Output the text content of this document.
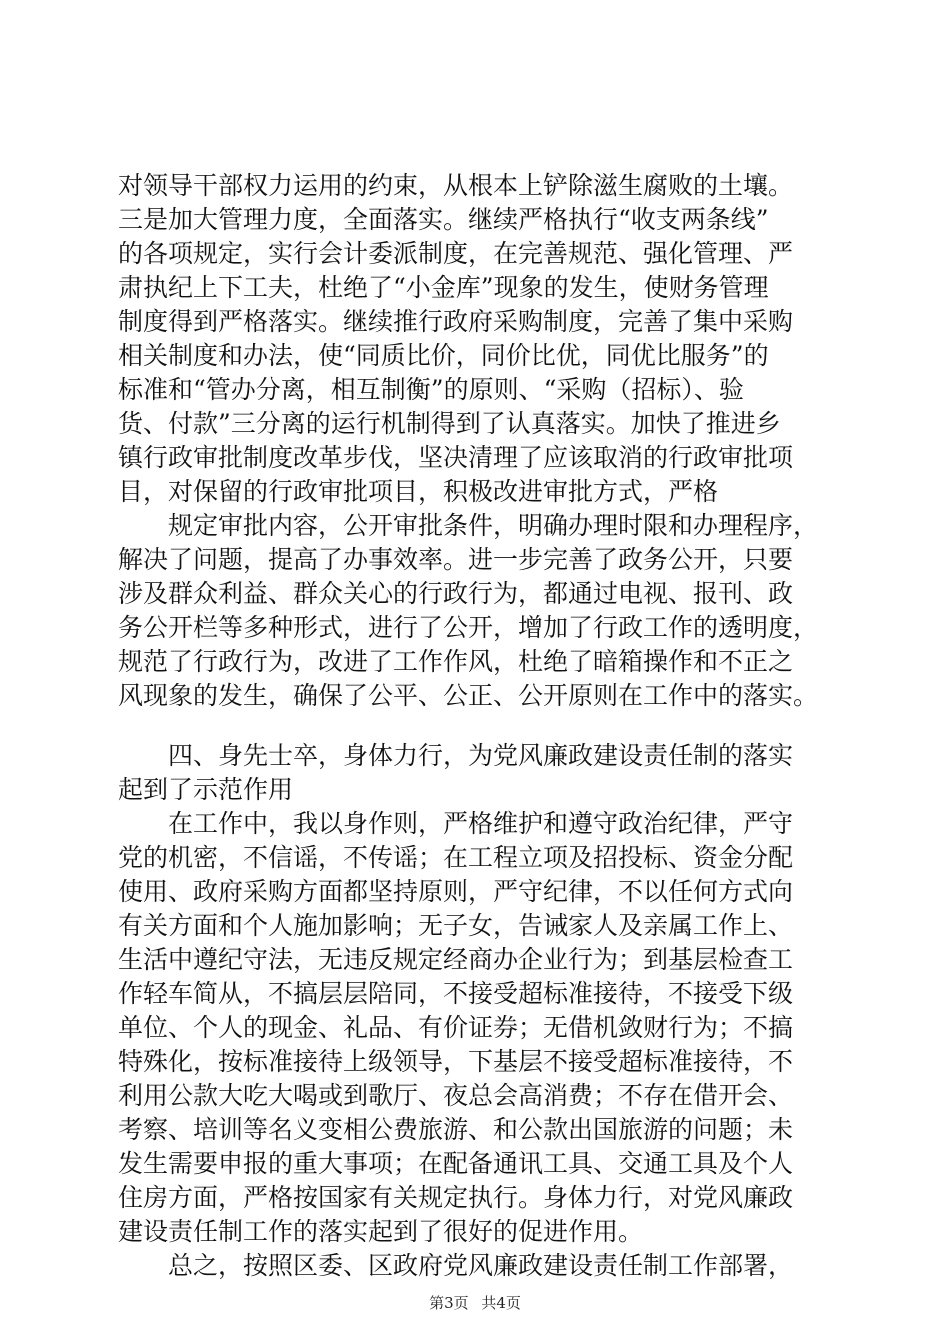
对领导干部权力运用的约束，从根本上铲除滋生腐败的土壤。
三是加大管理力度，全面落实。继续严格执行“收支两条线”
的各项规定，实行会计委派制度，在完善规范、强化管理、严
肃执纪上下工夫，杜绝了“小金库”现象的发生，使财务管理
制度得到严格落实。继续推行政府采购制度，完善了集中采购
相关制度和办法，使“同质比价，同价比优，同优比服务”的
标准和“管办分离，相互制衡”的原则、“采购（招标）、验
货、付款”三分离的运行机制得到了认真落实。加快了推进乡
镇行政审批制度改革步伐，坚决清理了应该取消的行政审批项
目，对保留的行政审批项目，积极改进审批方式，严格
　　规定审批内容，公开审批条件，明确办理时限和办理程序，
解决了问题，提高了办事效率。进一步完善了政务公开，只要
涉及群众利益、群众关心的行政行为，都通过电视、报刊、政
务公开栏等多种形式，进行了公开，增加了行政工作的透明度，
规范了行政行为，改进了工作作风，杜绝了暗箱操作和不正之
风现象的发生，确保了公平、公正、公开原则在工作中的落实。
　　四、身先士卒，身体力行，为党风廉政建设责任制的落实
起到了示范作用
　　在工作中，我以身作则，严格维护和遵守政治纪律，严守
党的机密，不信谣，不传谣；在工程立项及招投标、资金分配
使用、政府采购方面都坚持原则，严守纪律，不以任何方式向
有关方面和个人施加影响；无子女，告诫家人及亲属工作上、
生活中遵纪守法，无违反规定经商办企业行为；到基层检查工
作轻车简从，不搞层层陪同，不接受超标准接待，不接受下级
单位、个人的现金、礼品、有价证券；无借机敛财行为；不搞
特殊化，按标准接待上级领导，下基层不接受超标准接待，不
利用公款大吃大喝或到歌厅、夜总会高消费；不存在借开会、
考察、培训等名义变相公费旅游、和公款出国旅游的问题；未
发生需要申报的重大事项；在配备通讯工具、交通工具及个人
住房方面，严格按国家有关规定执行。身体力行，对党风廉政
建设责任制工作的落实起到了很好的促进作用。
　　总之，按照区委、区政府党风廉政建设责任制工作部署，
第3页 共4页
